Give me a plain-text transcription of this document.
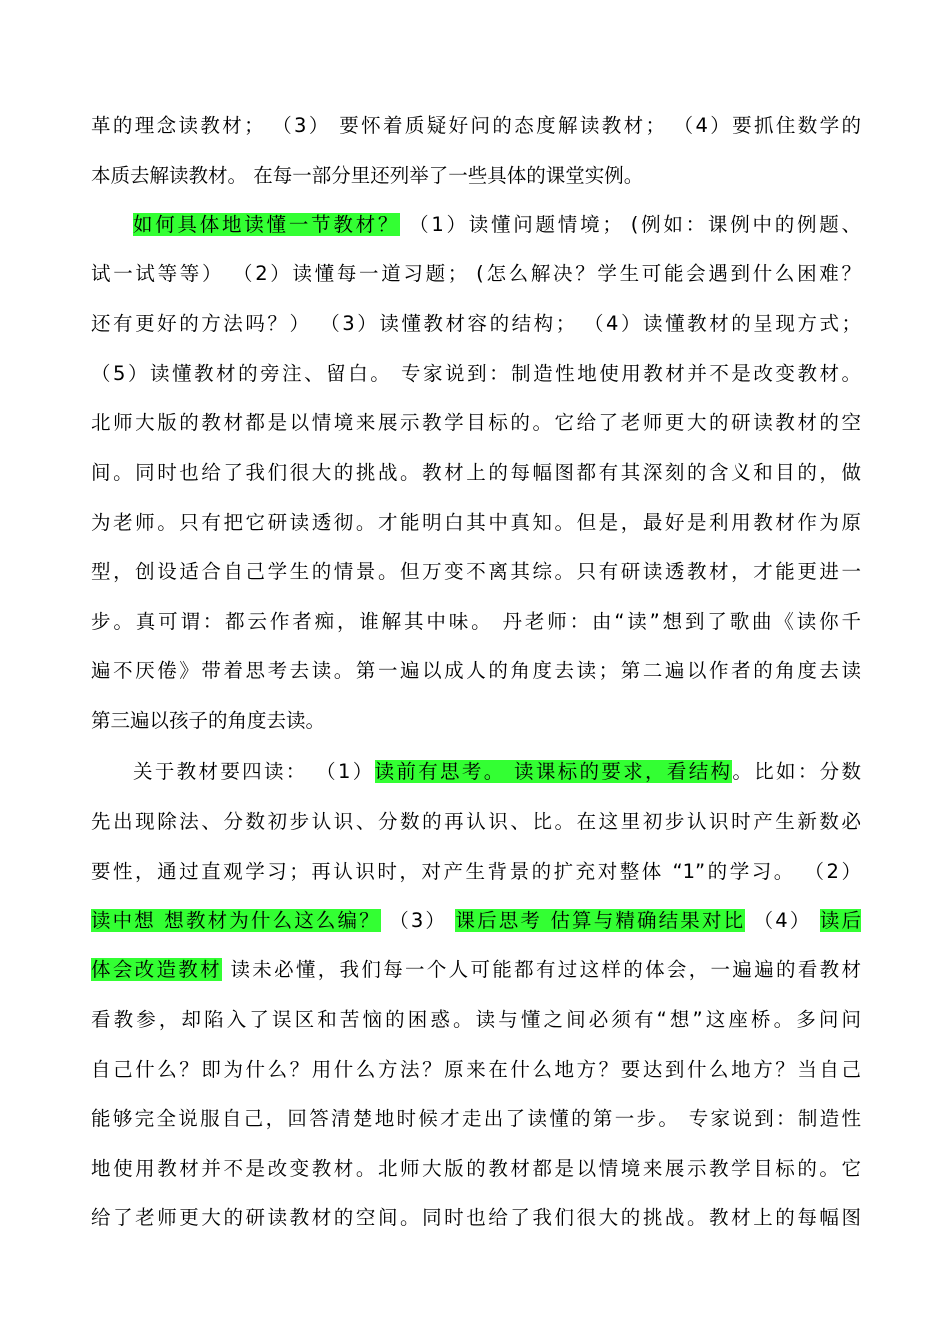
革的理念读教材； （3） 要怀着质疑好问的态度解读教材； （4）要抓住数学的
本质去解读教材。 在每一部分里还列举了一些具体的课堂实例。
如何具体地读懂一节教材？ （1）读懂问题情境； (例如：课例中的例题、
试一试等等） （2）读懂每一道习题； (怎么解决？学生可能会遇到什么困难？
还有更好的方法吗？） （3）读懂教材容的结构； （4）读懂教材的呈现方式；
（5）读懂教材的旁注、留白。 专家说到：制造性地使用教材并不是改变教材。
北师大版的教材都是以情境来展示教学目标的。它给了老师更大的研读教材的空
间。同时也给了我们很大的挑战。教材上的每幅图都有其深刻的含义和目的，做
为老师。只有把它研读透彻。才能明白其中真知。但是，最好是利用教材作为原
型，创设适合自己学生的情景。但万变不离其综。只有研读透教材，才能更进一
步。真可谓：都云作者痴，谁解其中味。 丹老师：由“读”想到了歌曲《读你千
遍不厌倦》带着思考去读。第一遍以成人的角度去读；第二遍以作者的角度去读
第三遍以孩子的角度去读。
关于教材要四读： （1）读前有思考。 读课标的要求，看结构。比如：分数
先出现除法、分数初步认识、分数的再认识、比。在这里初步认识时产生新数必
要性，通过直观学习；再认识时，对产生背景的扩充对整体 “1”的学习。 （2）
读中想 想教材为什么这么编？ （3） 课后思考 估算与精确结果对比 （4） 读后
体会改造教材 读未必懂，我们每一个人可能都有过这样的体会，一遍遍的看教材
看教参，却陷入了误区和苦恼的困惑。读与懂之间必须有“想”这座桥。多问问
自己什么？即为什么？用什么方法？原来在什么地方？要达到什么地方？当自己
能够完全说服自己，回答清楚地时候才走出了读懂的第一步。 专家说到：制造性
地使用教材并不是改变教材。北师大版的教材都是以情境来展示教学目标的。它
给了老师更大的研读教材的空间。同时也给了我们很大的挑战。教材上的每幅图
